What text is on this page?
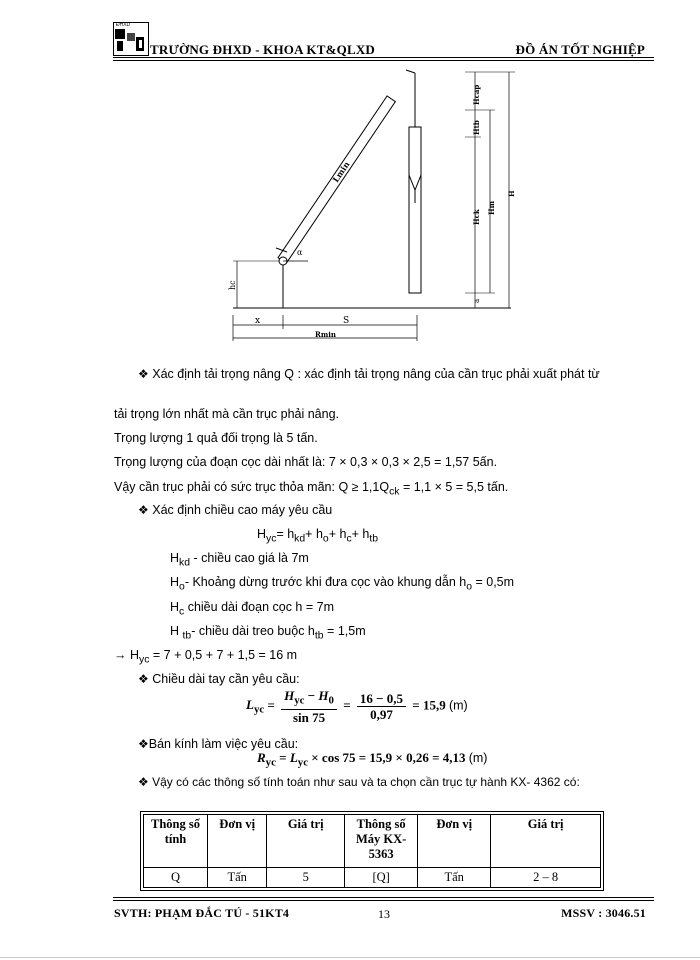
ĐHXD
TRƯỜNG ĐHXD - KHOA KT&QLXD	ĐỒ ÁN TỐT NGHIỆP
α
Lmin
hc
x	S
Rmin
Hcap
Htb
Hck
Hm
H
a
❖ Xác định tải trọng nâng Q : xác định tải trọng nâng của cần trục phải xuất phát từ
tải trọng lớn nhất mà cần trục phải nâng.
Trọng lượng 1 quả đối trọng là 5 tấn.
Trọng lượng của đoạn cọc dài nhất là: 7 × 0,3 × 0,3 × 2,5 = 1,57 5ấn.
Vậy cần trục phải có sức trục thỏa mãn: $Q \ge 1,1Q_{ck} = 1,1 \times 5 = 5,5$ tấn.
❖ Xác định chiều cao máy yêu cầu
$H_{yc}= h_{kd}+ h_o+ h_c+ h_{tb}$
$H_{kd}$ - chiều cao giá là 7m
$H_o-$ Khoảng dừng trước khi đưa cọc vào khung dẫn $h_o = 0,5m$
$H_c$ chiều dài đoạn cọc h = 7m
H $_{tb}$- chiều dài treo buộc $h_{tb} = 1,5m$
→ $H_{yc} = 7 + 0,5 + 7 + 1,5 = 16$ m
❖ Chiều dài tay cần yêu cầu:
$L_{yc} = \frac{H_{yc} - H_0}{\sin 75} = \frac{16 - 0,5}{0,97} = 15,9$ (m)
❖Bán kính làm việc yêu cầu:
$R_{yc} = L_{yc} \times \cos 75 = 15,9 \times 0,26 = 4,13$ (m)
❖ Vậy có các thông số tính toán như sau và ta chọn cần trục tự hành KX- 4362 có:
Thông số tính	Đơn vị	Giá trị	Thông số Máy KX-5363	Đơn vị	Giá trị
Q	Tấn	5	[Q]	Tấn	2 – 8
SVTH: PHẠM ĐẮC TÚ - 51KT4	13	MSSV : 3046.51
